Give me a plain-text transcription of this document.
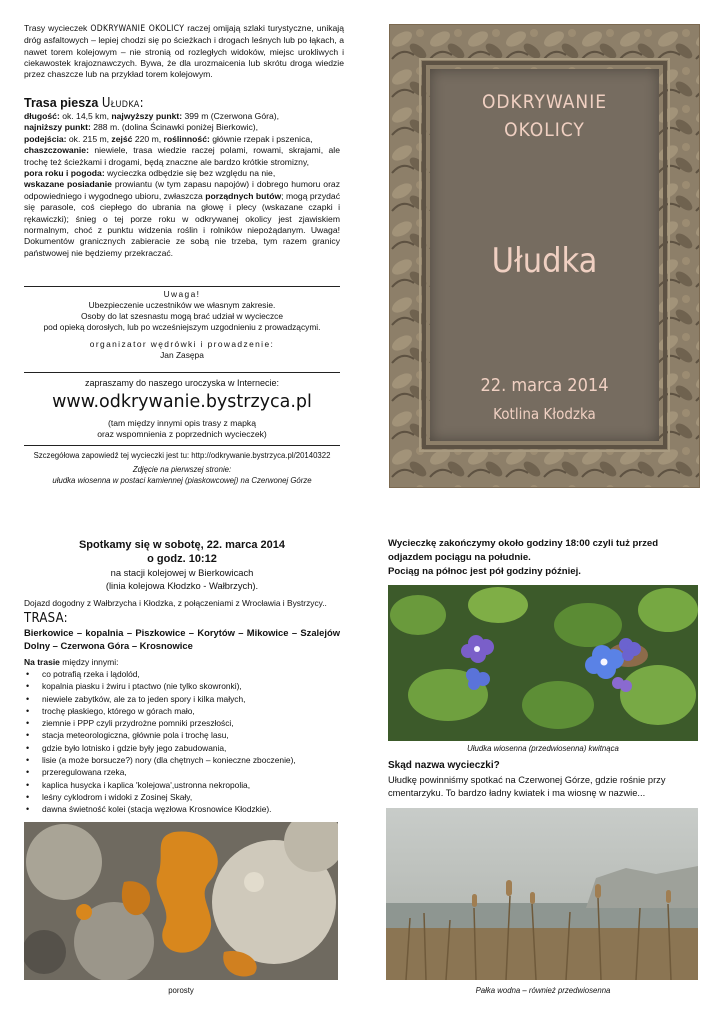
Trasy wycieczek ODKRYWANIE OKOLICY raczej omijają szlaki turystyczne, unikają dróg asfaltowych – lepiej chodzi się po ścieżkach i drogach leśnych lub po łąkach, a nawet torem kolejowym – nie stronią od rozległych widoków, miejsc urokliwych i ciekawostek krajoznawczych. Bywa, że dla urozmaicenia lub skrótu droga wiedzie przez chaszcze lub na przykład torem kolejowym.
Trasa piesza Ułudka:
długość: ok. 14,5 km, najwyższy punkt: 399 m (Czerwona Góra),
najniższy punkt: 288 m. (dolina Ścinawki poniżej Bierkowic),
podejścia: ok. 215 m, zejść 220 m, roślinność: głównie rzepak i pszenica,
chaszczowanie: niewiele, trasa wiedzie raczej polami, rowami, skrajami, ale trochę też ścieżkami i drogami, będą znaczne ale bardzo krótkie stromizny,
pora roku i pogoda: wycieczka odbędzie się bez względu na nie,
wskazane posiadanie prowiantu (w tym zapasu napojów) i dobrego humoru oraz odpowiedniego i wygodnego ubioru, zwłaszcza porządnych butów; mogą przydać się parasole, coś ciepłego do ubrania na głowę i plecy (wskazane czapki i rękawiczki); śnieg o tej porze roku w odkrywanej okolicy jest zjawiskiem normalnym, choć z punktu widzenia roślin i rolników niepożądanym. Uwaga! Dokumentów granicznych zabieracie ze sobą nie trzeba, tym razem granicy państwowej nie będziemy przekraczać.
Uwaga!
Ubezpieczenie uczestników we własnym zakresie.
Osoby do lat szesnastu mogą brać udział w wycieczce
pod opieką dorosłych, lub po wcześniejszym uzgodnieniu z prowadzącymi.
organizator wędrówki i prowadzenie:
Jan Zasępa
zapraszamy do naszego uroczyska w Internecie:
www.odkrywanie.bystrzyca.pl
(tam między innymi opis trasy z mapką
oraz wspomnienia z poprzednich wycieczek)
Szczegółowa zapowiedź tej wycieczki jest tu: http://odkrywanie.bystrzyca.pl/20140322
Zdjęcie na pierwszej stronie:
ułudka wiosenna w postaci kamiennej (piaskowcowej) na Czerwonej Górze
ODKRYWANIE
OKOLICY
Ułudka
22. marca 2014
Kotlina Kłodzka
Spotkamy się w sobotę, 22. marca 2014
o godz. 10:12
na stacji kolejowej w Bierkowicach
(linia kolejowa Kłodzko - Wałbrzych).
Dojazd dogodny z Wałbrzycha i Kłodzka, z połączeniami z Wrocławia i Bystrzycy..
TRASA:
Bierkowice – kopalnia – Piszkowice – Korytów – Mikowice – Szalejów Dolny – Czerwona Góra – Krosnowice
Na trasie między innymi:
• co potrafią rzeka i lądolód,
• kopalnia piasku i żwiru i ptactwo (nie tylko skowronki),
• niewiele zabytków, ale za to jeden spory i kilka małych,
• trochę płaskiego, którego w górach mało,
• ziemnie i PPP czyli przydrożne pomniki przeszłości,
• stacja meteorologiczna, głównie pola i trochę lasu,
• gdzie było lotnisko i gdzie były jego zabudowania,
• lisie (a może borsucze?) nory (dla chętnych – konieczne zboczenie),
• przeregulowana rzeka,
• kaplica husycka i kaplica 'kolejowa',ustronna nekropolia,
• leśny cyklodrom i widoki z Zosinej Skały,
• dawna świetność kolei (stacja węzłowa Krosnowice Kłodzkie).
porosty
Wycieczkę zakończymy około godziny 18:00 czyli tuż przed
odjazdem pociągu na południe.
Pociąg na północ jest pół godziny później.
Ułudka wiosenna (przedwiosenna) kwitnąca
Skąd nazwa wycieczki?
Ułudkę powinniśmy spotkać na Czerwonej Górze, gdzie rośnie przy cmentarzyku. To bardzo ładny kwiatek i ma wiosnę w nazwie...
Pałka wodna – również przedwiosenna
